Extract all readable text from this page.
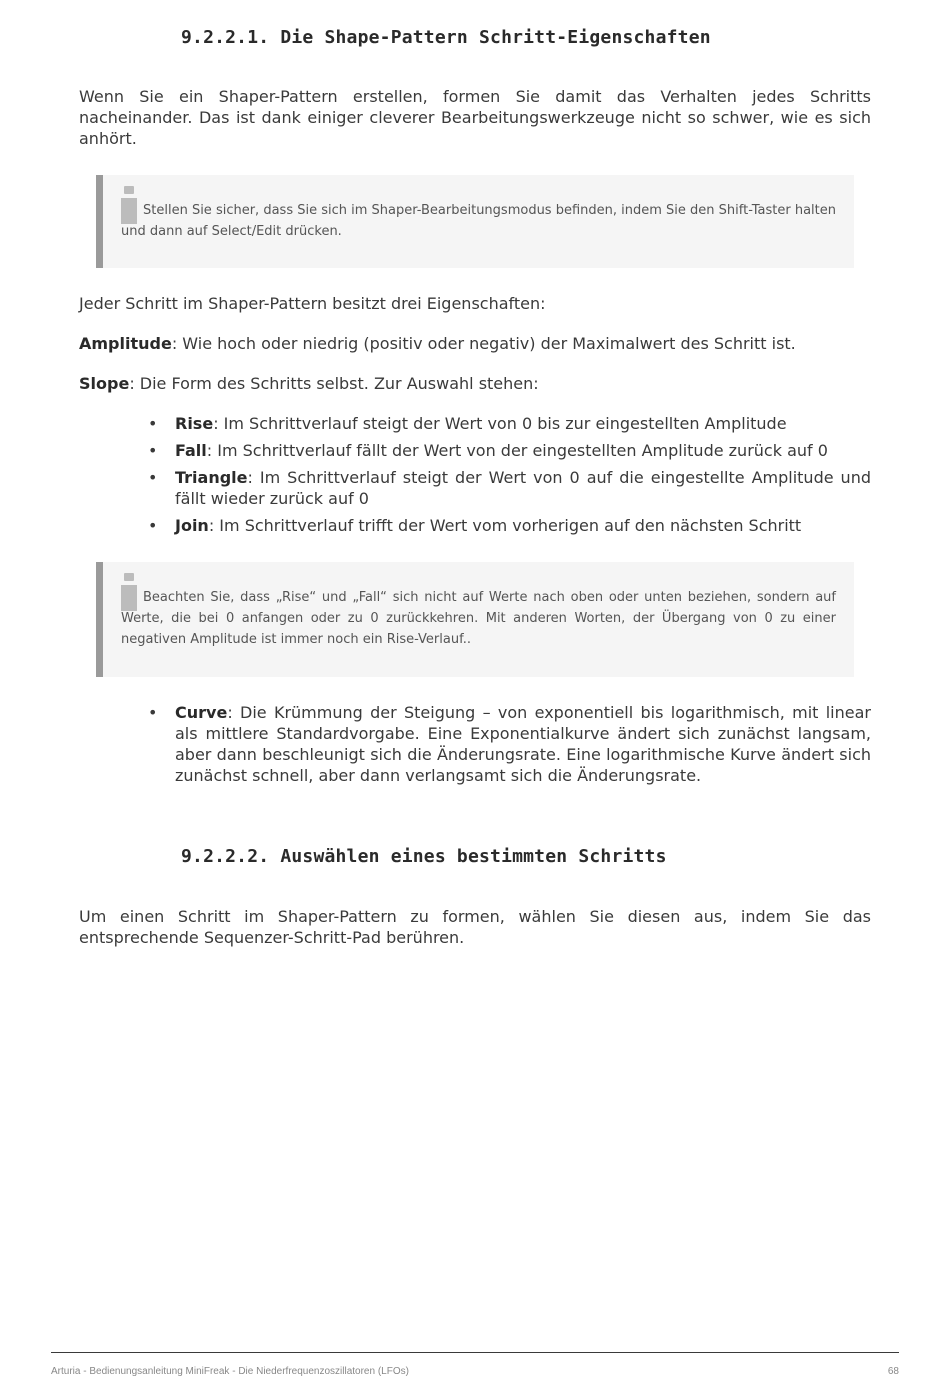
9.2.2.1. Die Shape-Pattern Schritt-Eigenschaften

Wenn Sie ein Shaper-Pattern erstellen, formen Sie damit das Verhalten jedes Schritts nacheinander. Das ist dank einiger cleverer Bearbeitungswerkzeuge nicht so schwer, wie es sich anhört.

Stellen Sie sicher, dass Sie sich im Shaper-Bearbeitungsmodus befinden, indem Sie den Shift-Taster halten und dann auf Select/Edit drücken.

Jeder Schritt im Shaper-Pattern besitzt drei Eigenschaften:

Amplitude: Wie hoch oder niedrig (positiv oder negativ) der Maximalwert des Schritt ist.

Slope: Die Form des Schritts selbst. Zur Auswahl stehen:

• Rise: Im Schrittverlauf steigt der Wert von 0 bis zur eingestellten Amplitude
• Fall: Im Schrittverlauf fällt der Wert von der eingestellten Amplitude zurück auf 0
• Triangle: Im Schrittverlauf steigt der Wert von 0 auf die eingestellte Amplitude und fällt wieder zurück auf 0
• Join: Im Schrittverlauf trifft der Wert vom vorherigen auf den nächsten Schritt

Beachten Sie, dass „Rise“ und „Fall“ sich nicht auf Werte nach oben oder unten beziehen, sondern auf Werte, die bei 0 anfangen oder zu 0 zurückkehren. Mit anderen Worten, der Übergang von 0 zu einer negativen Amplitude ist immer noch ein Rise-Verlauf..

• Curve: Die Krümmung der Steigung – von exponentiell bis logarithmisch, mit linear als mittlere Standardvorgabe. Eine Exponentialkurve ändert sich zunächst langsam, aber dann beschleunigt sich die Änderungsrate. Eine logarithmische Kurve ändert sich zunächst schnell, aber dann verlangsamt sich die Änderungsrate.
9.2.2.2. Auswählen eines bestimmten Schritts

Um einen Schritt im Shaper-Pattern zu formen, wählen Sie diesen aus, indem Sie das entsprechende Sequenzer-Schritt-Pad berühren.

Arturia - Bedienungsanleitung MiniFreak - Die Niederfrequenzoszillatoren (LFOs)	68
